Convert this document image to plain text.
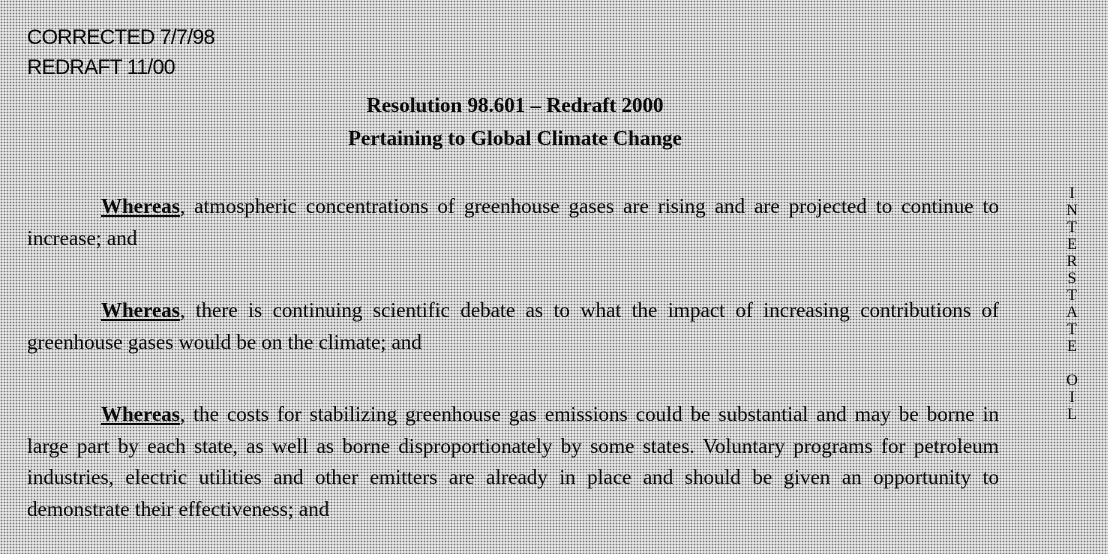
CORRECTED 7/7/98
REDRAFT 11/00
Resolution 98.601 – Redraft 2000
Pertaining to Global Climate Change

Whereas, atmospheric concentrations of greenhouse gases are rising and are projected to continue to increase; and

Whereas, there is continuing scientific debate as to what the impact of increasing contributions of greenhouse gases would be on the climate; and

Whereas, the costs for stabilizing greenhouse gas emissions could be substantial and may be borne in large part by each state, as well as borne disproportionately by some states. Voluntary programs for petroleum industries, electric utilities and other emitters are already in place and should be given an opportunity to demonstrate their effectiveness; and

I
N
T
E
R
S
T
A
T
E
O
I
L
